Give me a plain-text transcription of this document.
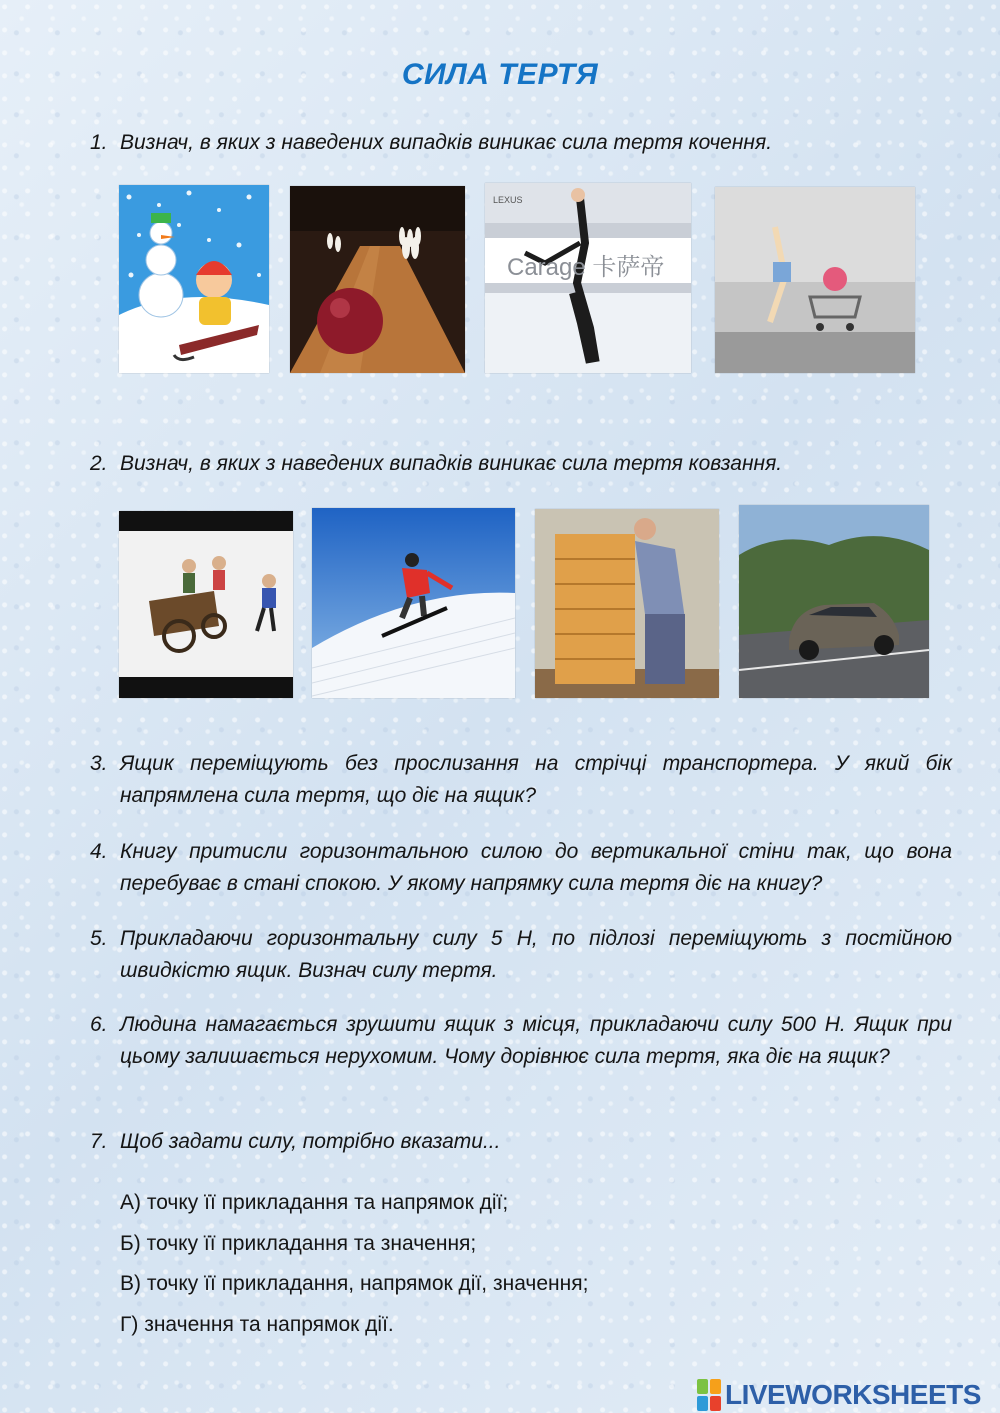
СИЛА ТЕРТЯ
1. Визнач, в яких з наведених випадків виникає сила тертя кочення.
Carage 卡萨帝
LEXUS
2. Визнач, в яких з наведених випадків виникає сила тертя ковзання.
3. Ящик переміщують без прослизання на стрічці транспортера. У який бік напрямлена сила тертя, що діє на ящик?
4. Книгу притисли горизонтальною силою до вертикальної стіни так, що вона перебуває в стані спокою. У якому напрямку сила тертя діє на книгу?
5. Прикладаючи горизонтальну силу 5 Н, по підлозі переміщують з постійною швидкістю ящик. Визнач силу тертя.
6. Людина намагається зрушити ящик з місця, прикладаючи силу 500 Н. Ящик при цьому залишається нерухомим. Чому дорівнює сила тертя, яка діє на ящик?
7. Щоб задати силу, потрібно вказати...
А) точку її прикладання та напрямок дії;
Б) точку її прикладання та значення;
В) точку її прикладання, напрямок дії, значення;
Г) значення та напрямок дії.
LIVEWORKSHEETS
